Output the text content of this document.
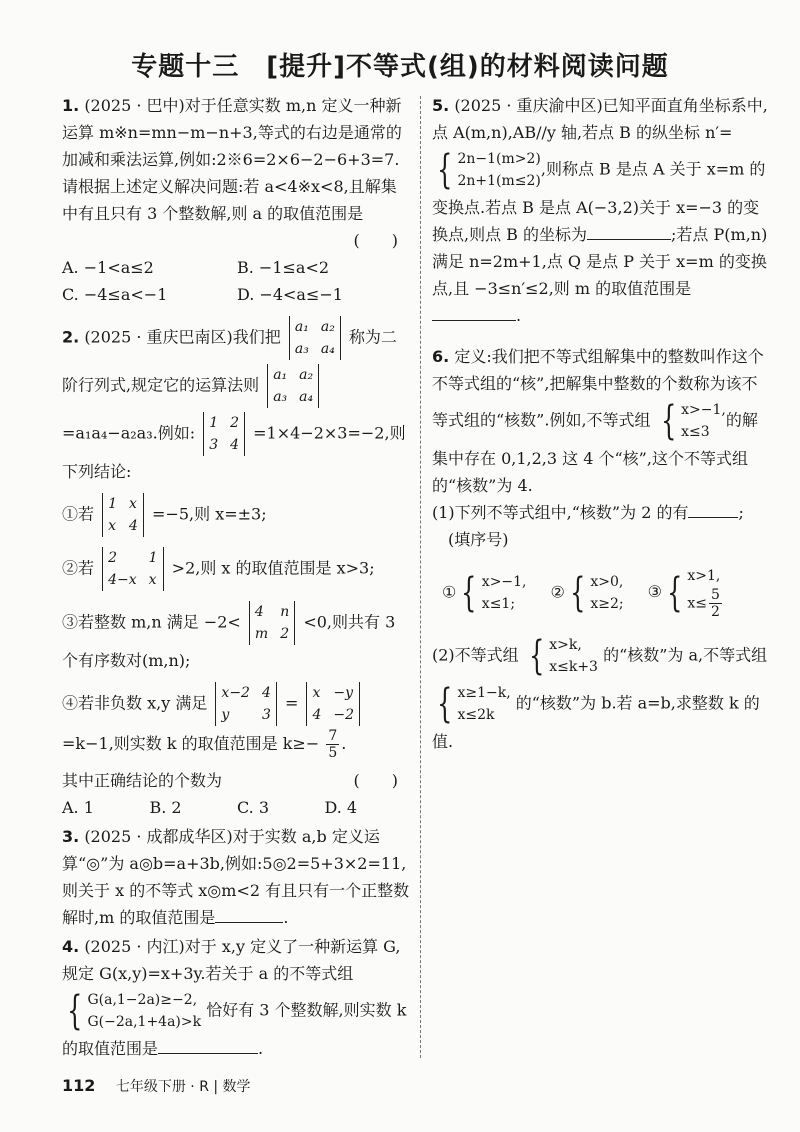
专题十三　[提升]不等式(组)的材料阅读问题

1. (2025 · 巴中)对于任意实数 m,n 定义一种新运算 m※n=mn−m−n+3,等式的右边是通常的加减和乘法运算,例如:2※6=2×6−2−6+3=7.请根据上述定义解决问题:若 a<4※x<8,且解集中有且只有 3 个整数解,则 a 的取值范围是

(　　)
A. −1<a≤2	B. −1≤a<2
C. −4≤a<−1	D. −4<a≤−1
2. (2025 · 重庆巴南区)我们把
a₁ a₂
a₃ a₄
称为二阶行列式,规定它的运算法则
a₁ a₂
a₃ a₄
=a₁a₄−a₂a₃.例如:
1 2
3 4
=1×4−2×3=−2,则下列结论:
①若
1 x
x 4
=−5,则 x=±3;
②若
2	1
4−x x
>2,则 x 的取值范围是 x>3;
③若整数 m,n 满足 −2<
4	n
m 2
<0,则共有 3 个有序数对(m,n);
④若非负数 x,y 满足
x−2 4
y	3
=
x −y
4 −2
=k−1,则实数 k 的取值范围是 $k\ge- \frac{7}{5}$ .
其中正确结论的个数为	(　　)
A. 1	B. 2	C. 3	D. 4

3. (2025 · 成都成华区)对于实数 a,b 定义运算“◎”为 a◎b=a+3b,例如:5◎2=5+3×2=11,则关于 x 的不等式 x◎m<2 有且只有一个正整数解时,m 的取值范围是	.

4. (2025 · 内江)对于 x,y 定义了一种新运算 G,规定 G(x,y)=x+3y.若关于 a 的不等式组
{ G(a,1−2a)≥−2,
G(−2a,1+4a)>k
恰好有 3 个整数解,则实数 k 的取值范围是	.
5. (2025 · 重庆渝中区)已知平面直角坐标系中,点 A(m,n),AB//y 轴,若点 B 的纵坐标 n′=
{ 2n−1(m>2)
2n+1(m≤2)
,则称点 B 是点 A 关于 x=m 的变换点.若点 B 是点 A(−3,2)关于 x=−3 的变换点,则点 B 的坐标为	;若点 P(m,n)满足 n=2m+1,点 Q 是点 P 关于 x=m 的变换点,且 −3≤n′≤2,则 m 的取值范围是.
6. 定义:我们把不等式组解集中的整数叫作这个不等式组的“核”,把解集中整数的个数称为该不等式组的“核数”.例如,不等式组 { x>−1,
x≤3
的解集中存在 0,1,2,3 这 4 个“核”,这个不等式组的“核数”为 4.
(1)下列不等式组中,“核数”为 2 的有	;
(填序号)
① { x>−1,
x≤1;
② { x>0,
x≥2;
③ { x>1,
$x\le \frac{5}{2}$
(2)不等式组 { x>k,
x≤k+3
的“核数”为 a,不等式组
{ x≥1−k,
x≤2k
的“核数”为 b.若 a=b,求整数 k 的值.
112 七年级下册 · R | 数学
